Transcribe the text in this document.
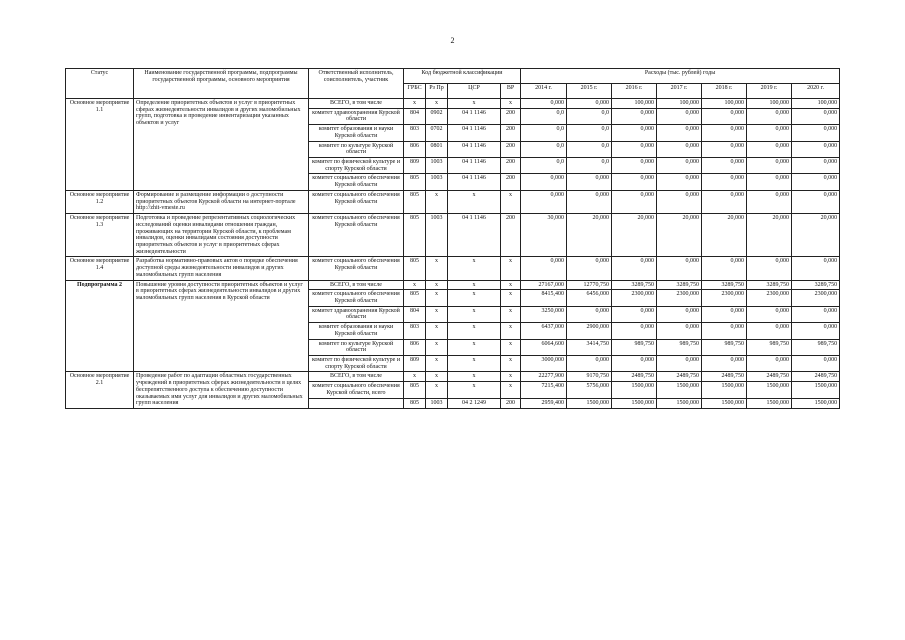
2
Статус	Наименование государственной программы, подпрограммы государственной программы, основного мероприятия	Ответственный исполнитель, соисполнитель, участник	Код бюджетной классификации				Расходы (тыс. рублей) годы						
			ГРБС	Рз Пр	ЦСР	ВР	2014 г.	2015 г.	2016 г.	2017 г.	2018 г.	2019 г.	2020 г.
Основное мероприятие 1.1	Определение приоритетных объектов и услуг в приоритетных сферах жизнедеятельности инвалидов и других маломобильных групп, подготовка и проведение инвентаризации указанных объектов и услуг	ВСЕГО, в том числе	х	х	х	х	0,000	0,000	100,000	100,000	100,000	100,000	100,000
		комитет здравоохранения Курской области	804	0902	04 1 1146	200	0,0	0,0	0,000	0,000	0,000	0,000	0,000
		комитет образования и науки Курской области	803	0702	04 1 1146	200	0,0	0,0	0,000	0,000	0,000	0,000	0,000
		комитет по культуре Курской области	806	0801	04 1 1146	200	0,0	0,0	0,000	0,000	0,000	0,000	0,000
		комитет по физической культуре и спорту Курской области	809	1003	04 1 1146	200	0,0	0,0	0,000	0,000	0,000	0,000	0,000
		комитет социального обеспечения Курской области	805	1003	04 1 1146	200	0,000	0,000	0,000	0,000	0,000	0,000	0,000
Основное мероприятие 1.2	Формирование и размещение информации о доступности приоритетных объектов Курской области на интернет-портале http://zhit-vmeste.ru	комитет социального обеспечения Курской области	805	х	х	х	0,000	0,000	0,000	0,000	0,000	0,000	0,000
Основное мероприятие 1.3	Подготовка и проведение репрезентативных социологических исследований оценки инвалидами отношения граждан, проживающих на территории Курской области, к проблемам инвалидов, оценки инвалидами состояния доступности приоритетных объектов и услуг в приоритетных сферах жизнедеятельности	комитет социального обеспечения Курской области	805	1003	04 1 1146	200	30,000	20,000	20,000	20,000	20,000	20,000	20,000
Основное мероприятие 1.4	Разработка нормативно-правовых актов о порядке обеспечения доступной среды жизнедеятельности инвалидов и других маломобильных групп населения	комитет социального обеспечения Курской области	805	х	х	х	0,000	0,000	0,000	0,000	0,000	0,000	0,000
Подпрограмма 2	Повышение уровня доступности приоритетных объектов и услуг в приоритетных сферах жизнедеятельности инвалидов и других маломобильных групп населения в Курской области	ВСЕГО, в том числе	х	х	х	х	27167,000	12770,750	3289,750	3289,750	3289,750	3289,750	3289,750
		комитет социального обеспечения Курской области	805	х	х	х	8415,400	6456,000	2300,000	2300,000	2300,000	2300,000	2300,000
		комитет здравоохранения Курской области	804	х	х	х	3250,000	0,000	0,000	0,000	0,000	0,000	0,000
		комитет образования и науки Курской области	803	х	х	х	6437,000	2900,000	0,000	0,000	0,000	0,000	0,000
		комитет по культуре Курской области	806	х	х	х	6064,600	3414,750	989,750	989,750	989,750	989,750	989,750
		комитет по физической культуре и спорту Курской области	809	х	х	х	3000,000	0,000	0,000	0,000	0,000	0,000	0,000
Основное мероприятие 2.1	Проведение работ по адаптации областных государственных учреждений в приоритетных сферах жизнедеятельности в целях беспрепятственного доступа к обеспечению доступности оказываемых ими услуг для инвалидов и других маломобильных групп населения	ВСЕГО, в том числе	х	х	х	х	22277,900	9170,750	2489,750	2489,750	2489,750	2489,750	2489,750
		комитет социального обеспечения Курской области, всего	805	х	х	х	7215,400	5756,000	1500,000	1500,000	1500,000	1500,000	1500,000
			805	1003	04 2 1249	200	2959,400	1500,000	1500,000	1500,000	1500,000	1500,000	1500,000
